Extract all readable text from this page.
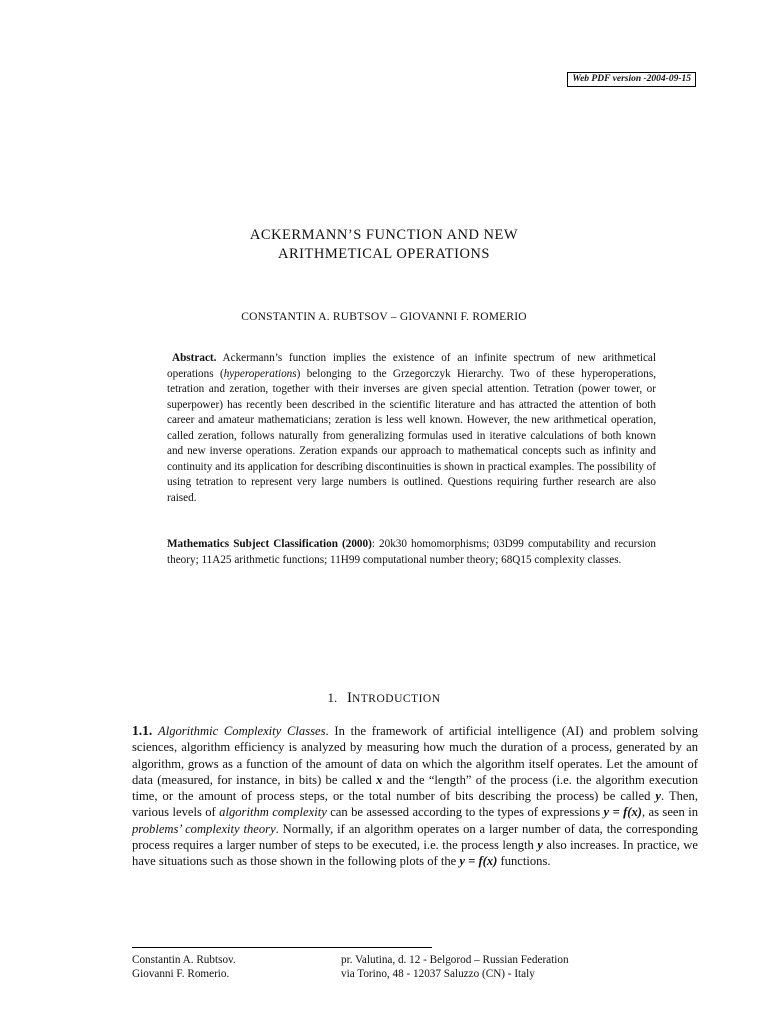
Web PDF version -2004-09-15
ACKERMANN’S FUNCTION AND NEW
ARITHMETICAL OPERATIONS
CONSTANTIN A. RUBTSOV – GIOVANNI F. ROMERIO
Abstract. Ackermann’s function implies the existence of an infinite spectrum of new arithmetical operations (hyperoperations) belonging to the Grzegorczyk Hierarchy. Two of these hyperoperations, tetration and zeration, together with their inverses are given special attention. Tetration (power tower, or superpower) has recently been described in the scientific literature and has attracted the attention of both career and amateur mathematicians; zeration is less well known. However, the new arithmetical operation, called zeration, follows naturally from generalizing formulas used in iterative calculations of both known and new inverse operations. Zeration expands our approach to mathematical concepts such as infinity and continuity and its application for describing discontinuities is shown in practical examples. The possibility of using tetration to represent very large numbers is outlined. Questions requiring further research are also raised.
Mathematics Subject Classification (2000): 20k30 homomorphisms; 03D99 computability and recursion theory; 11A25 arithmetic functions; 11H99 computational number theory; 68Q15 complexity classes.
1. INTRODUCTION
1.1. Algorithmic Complexity Classes. In the framework of artificial intelligence (AI) and problem solving sciences, algorithm efficiency is analyzed by measuring how much the duration of a process, generated by an algorithm, grows as a function of the amount of data on which the algorithm itself operates. Let the amount of data (measured, for instance, in bits) be called x and the “length” of the process (i.e. the algorithm execution time, or the amount of process steps, or the total number of bits describing the process) be called y. Then, various levels of algorithm complexity can be assessed according to the types of expressions y = f(x), as seen in problems’ complexity theory. Normally, if an algorithm operates on a larger number of data, the corresponding process requires a larger number of steps to be executed, i.e. the process length y also increases. In practice, we have situations such as those shown in the following plots of the y = f(x) functions.
Constantin A. Rubtsov.	pr. Valutina, d. 12 - Belgorod – Russian Federation
Giovanni F. Romerio.	via Torino, 48 - 12037 Saluzzo (CN) - Italy
